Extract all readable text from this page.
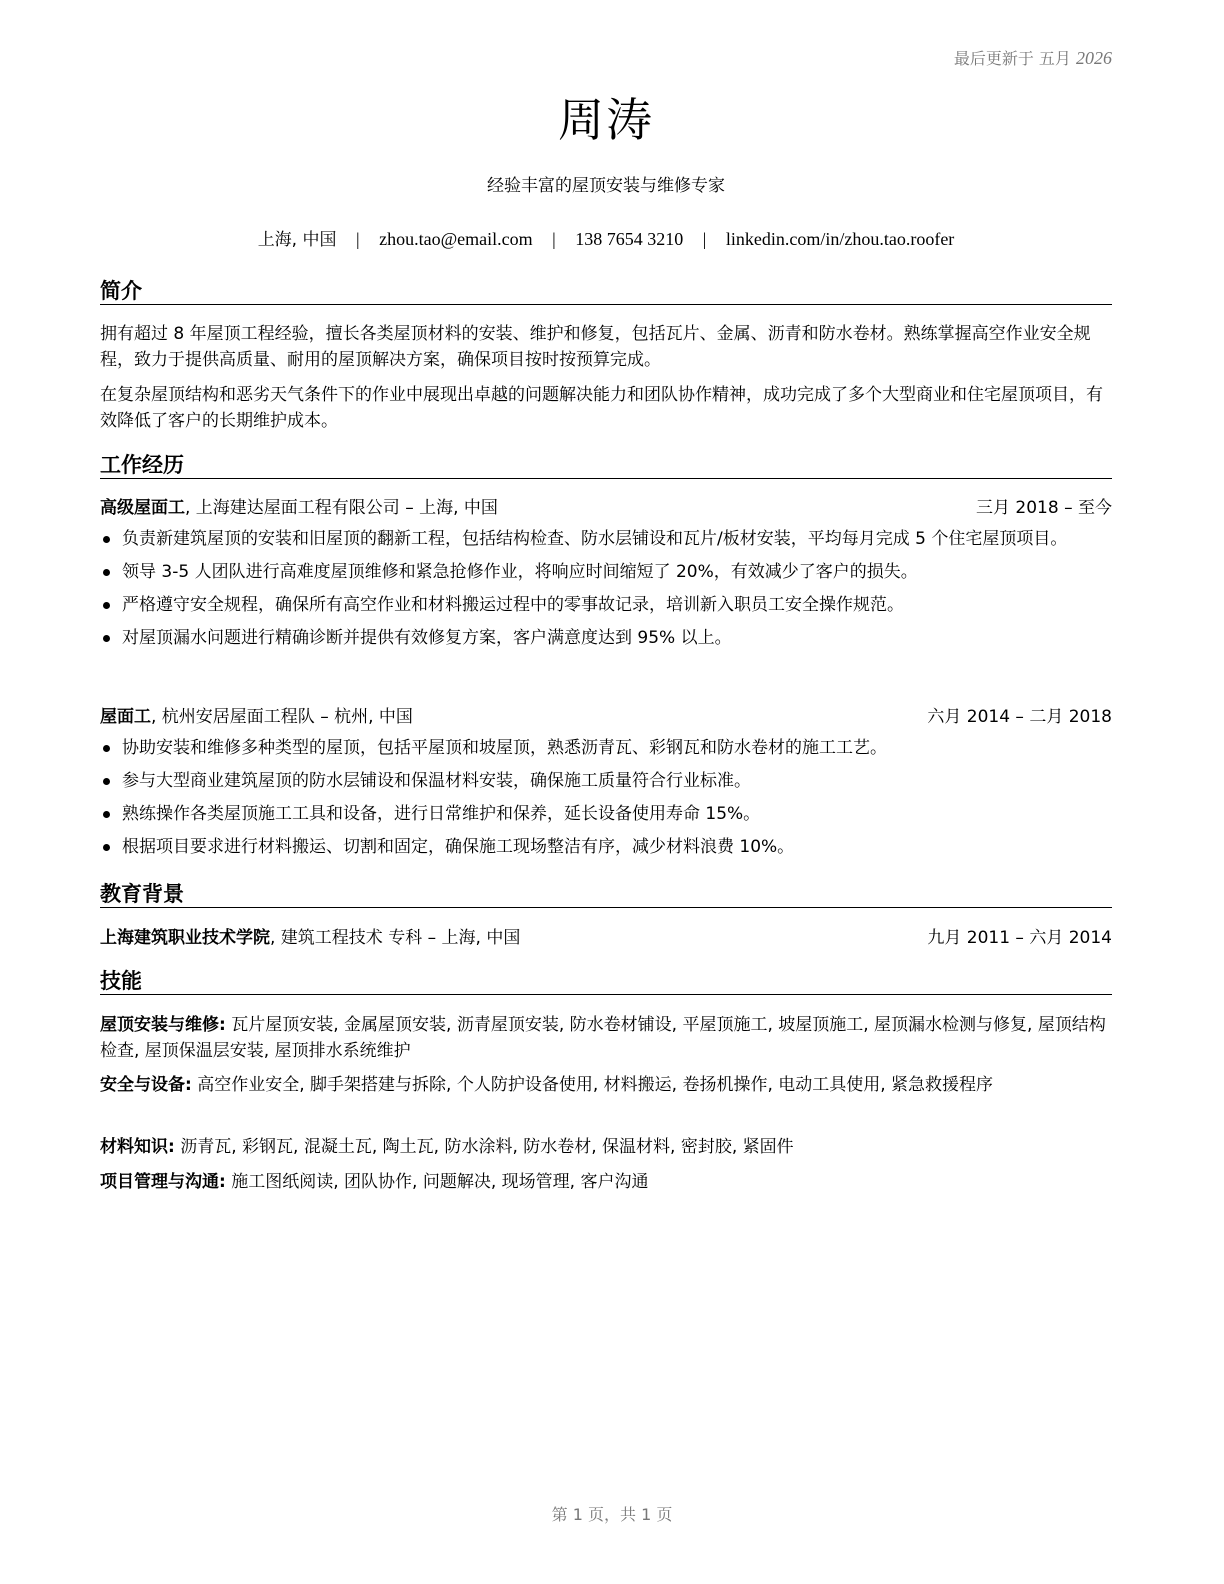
最后更新于 五月 2026
周涛
经验丰富的屋顶安装与维修专家
上海, 中国 | zhou.tao@email.com | 138 7654 3210 | linkedin.com/in/zhou.tao.roofer
简介
拥有超过 8 年屋顶工程经验，擅长各类屋顶材料的安装、维护和修复，包括瓦片、金属、沥青和防水卷材。熟练掌握高空作业安全规程，致力于提供高质量、耐用的屋顶解决方案，确保项目按时按预算完成。
在复杂屋顶结构和恶劣天气条件下的作业中展现出卓越的问题解决能力和团队协作精神，成功完成了多个大型商业和住宅屋顶项目，有效降低了客户的长期维护成本。
工作经历
高级屋面工, 上海建达屋面工程有限公司 – 上海, 中国	三月 2018 – 至今
负责新建筑屋顶的安装和旧屋顶的翻新工程，包括结构检查、防水层铺设和瓦片/板材安装，平均每月完成 5 个住宅屋顶项目。
领导 3-5 人团队进行高难度屋顶维修和紧急抢修作业，将响应时间缩短了 20%，有效减少了客户的损失。
严格遵守安全规程，确保所有高空作业和材料搬运过程中的零事故记录，培训新入职员工安全操作规范。
对屋顶漏水问题进行精确诊断并提供有效修复方案，客户满意度达到 95% 以上。
屋面工, 杭州安居屋面工程队 – 杭州, 中国	六月 2014 – 二月 2018
协助安装和维修多种类型的屋顶，包括平屋顶和坡屋顶，熟悉沥青瓦、彩钢瓦和防水卷材的施工工艺。
参与大型商业建筑屋顶的防水层铺设和保温材料安装，确保施工质量符合行业标准。
熟练操作各类屋顶施工工具和设备，进行日常维护和保养，延长设备使用寿命 15%。
根据项目要求进行材料搬运、切割和固定，确保施工现场整洁有序，减少材料浪费 10%。
教育背景
上海建筑职业技术学院, 建筑工程技术 专科 – 上海, 中国	九月 2011 – 六月 2014
技能
屋顶安装与维修: 瓦片屋顶安装, 金属屋顶安装, 沥青屋顶安装, 防水卷材铺设, 平屋顶施工, 坡屋顶施工, 屋顶漏水检测与修复, 屋顶结构检查, 屋顶保温层安装, 屋顶排水系统维护
安全与设备: 高空作业安全, 脚手架搭建与拆除, 个人防护设备使用, 材料搬运, 卷扬机操作, 电动工具使用, 紧急救援程序
材料知识: 沥青瓦, 彩钢瓦, 混凝土瓦, 陶土瓦, 防水涂料, 防水卷材, 保温材料, 密封胶, 紧固件
项目管理与沟通: 施工图纸阅读, 团队协作, 问题解决, 现场管理, 客户沟通
第 1 页，共 1 页
